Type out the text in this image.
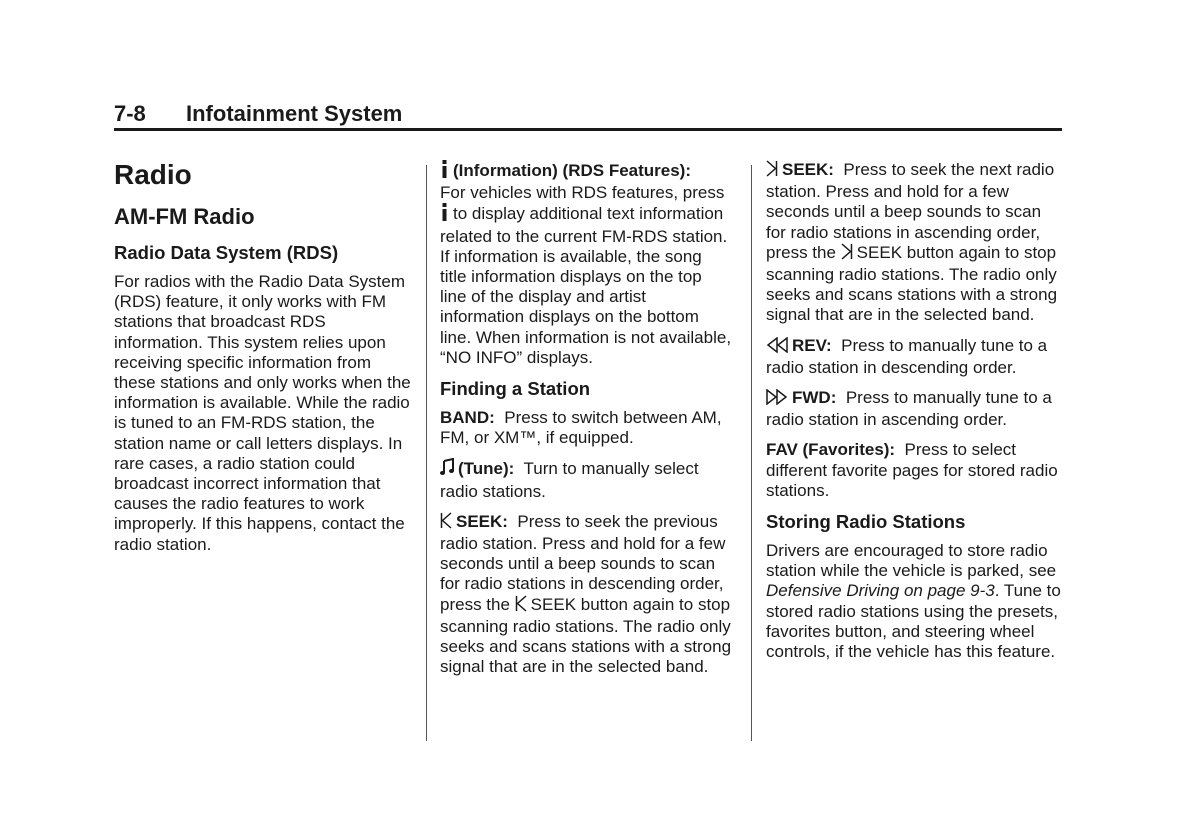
7-8 Infotainment System
Radio
AM-FM Radio
Radio Data System (RDS)

For radios with the Radio Data System (RDS) feature, it only works with FM stations that broadcast RDS information. This system relies upon receiving specific information from these stations and only works when the information is available. While the radio is tuned to an FM-RDS station, the station name or call letters displays. In rare cases, a radio station could broadcast incorrect information that causes the radio features to work improperly. If this happens, contact the radio station.

(Information) (RDS Features):
For vehicles with RDS features, press to display additional text information related to the current FM-RDS station. If information is available, the song title information displays on the top line of the display and artist information displays on the bottom line. When information is not available, “NO INFO” displays.

Finding a Station

BAND: Press to switch between AM, FM, or XM™, if equipped.

(Tune): Turn to manually select radio stations.

SEEK: Press to seek the previous radio station. Press and hold for a few seconds until a beep sounds to scan for radio stations in descending order, press the SEEK button again to stop scanning radio stations. The radio only seeks and scans stations with a strong signal that are in the selected band.

SEEK: Press to seek the next radio station. Press and hold for a few seconds until a beep sounds to scan for radio stations in ascending order, press the SEEK button again to stop scanning radio stations. The radio only seeks and scans stations with a strong signal that are in the selected band.

REV: Press to manually tune to a radio station in descending order.

FWD: Press to manually tune to a radio station in ascending order.

FAV (Favorites): Press to select different favorite pages for stored radio stations.

Storing Radio Stations

Drivers are encouraged to store radio station while the vehicle is parked, see Defensive Driving on page 9-3. Tune to stored radio stations using the presets, favorites button, and steering wheel controls, if the vehicle has this feature.
